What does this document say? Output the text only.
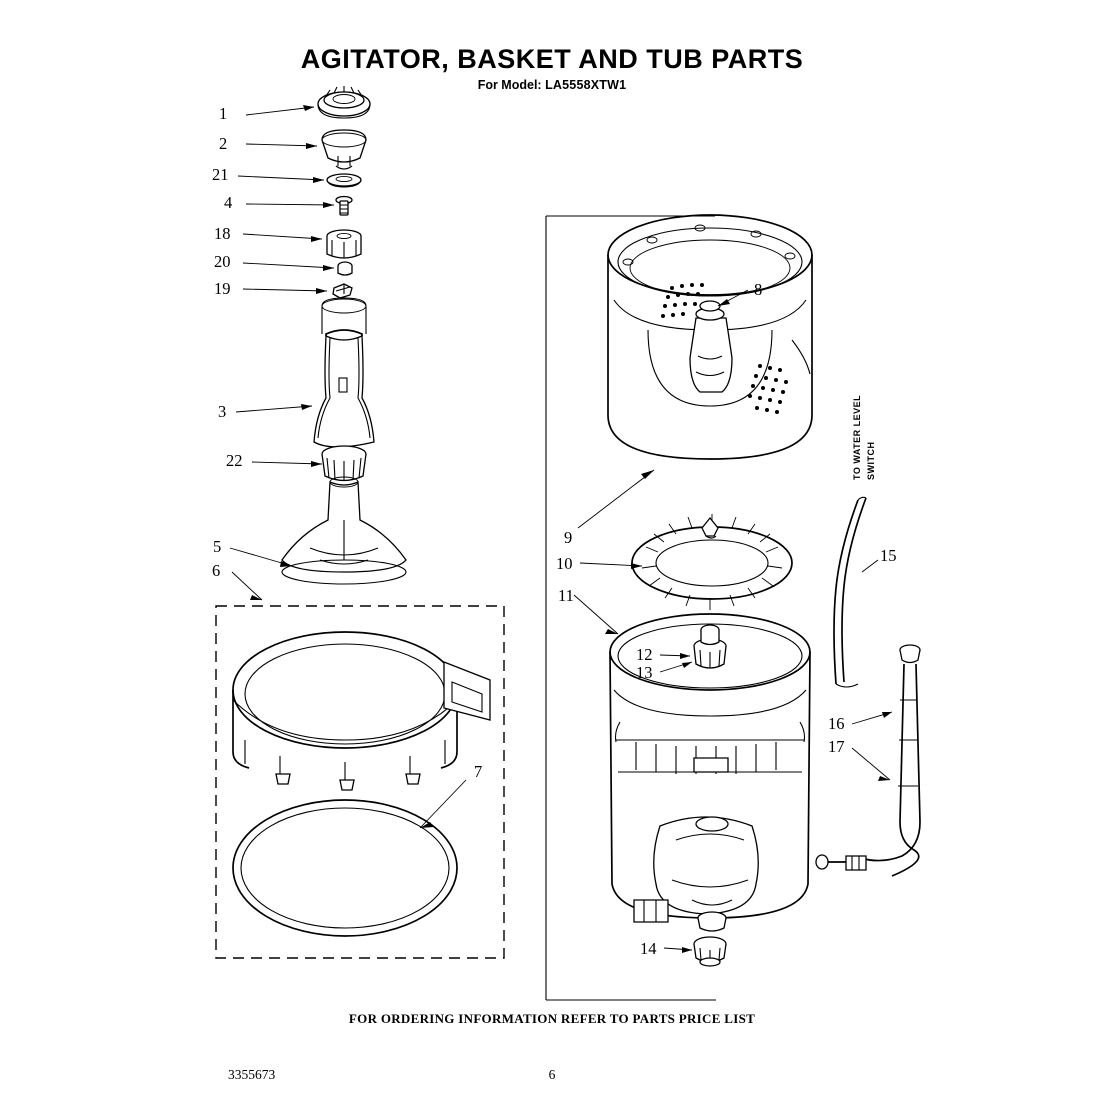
AGITATOR, BASKET AND TUB PARTS
For Model: LA5558XTW1
1
2
21
4
18
20
19
3
22
5
6
7
8
9
10
11
12
13
14
15
16
17
TO WATER LEVEL SWITCH
FOR ORDERING INFORMATION REFER TO PARTS PRICE LIST
3355673	6
